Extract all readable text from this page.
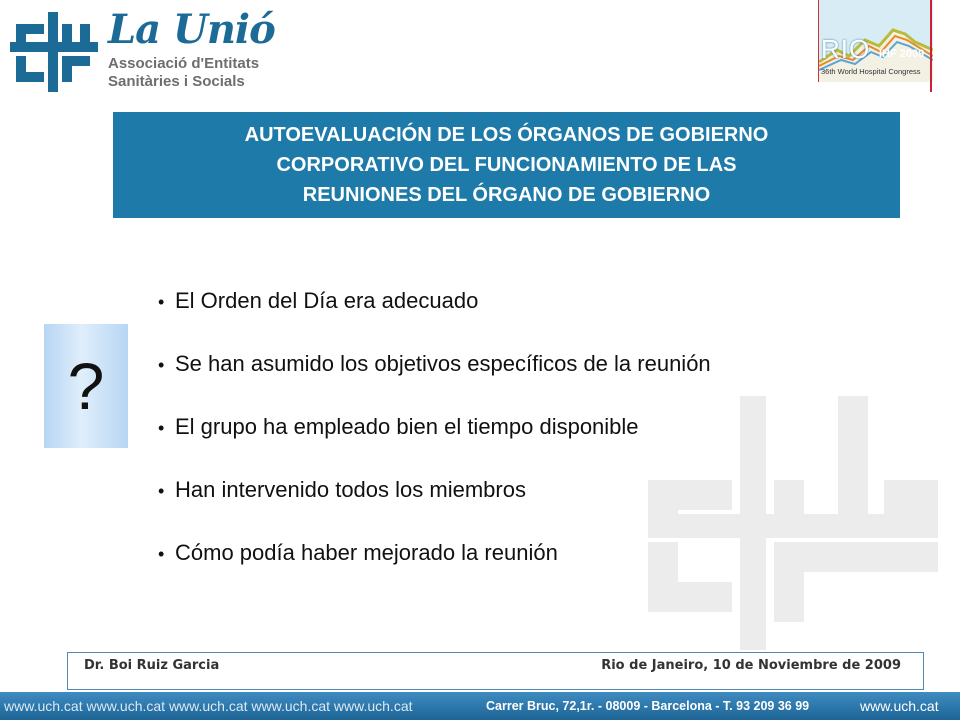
La Unió
Associació d'Entitats
Sanitàries i Socials
RIO IHF 2009
36th World Hospital Congress
AUTOEVALUACIÓN DE LOS ÓRGANOS DE GOBIERNO
CORPORATIVO DEL FUNCIONAMIENTO DE LAS
REUNIONES DEL ÓRGANO DE GOBIERNO
?
• El Orden del Día era adecuado
• Se han asumido los objetivos específicos de la reunión
• El grupo ha empleado bien el tiempo disponible
• Han intervenido todos los miembros
• Cómo podía haber mejorado la reunión
Dr. Boi Ruiz Garcia	Rio de Janeiro, 10 de Noviembre de 2009
www.uch.cat www.uch.cat www.uch.cat www.uch.cat www.uch.cat	Carrer Bruc, 72,1r. - 08009 - Barcelona - T. 93 209 36 99	www.uch.cat
